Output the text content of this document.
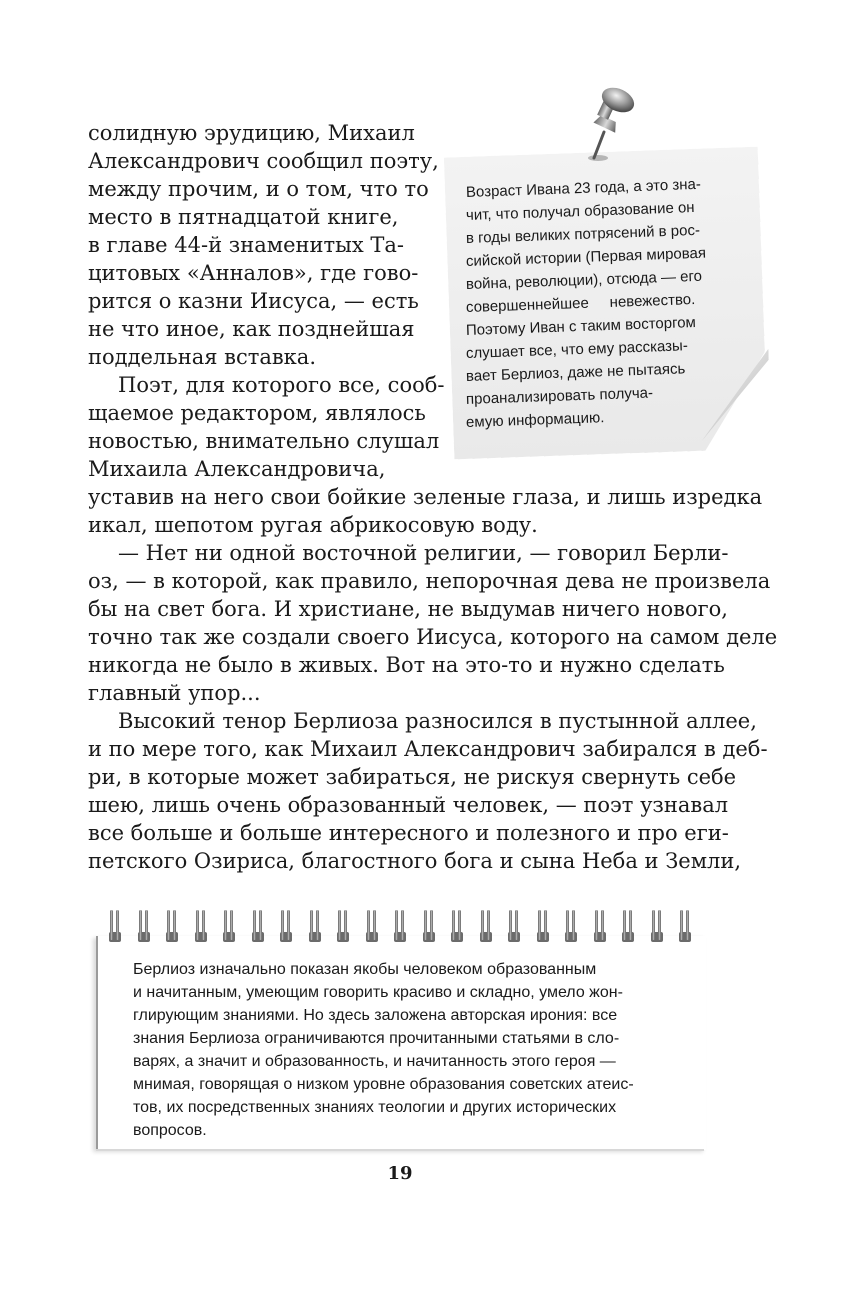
солидную эрудицию, Михаил
Александрович сообщил поэту,
между прочим, и о том, что то
место в пятнадцатой книге,
в главе 44-й знаменитых Та-
цитовых «Анналов», где гово-
рится о казни Иисуса, — есть
не что иное, как позднейшая
поддельная вставка.
Поэт, для которого все, сооб-
щаемое редактором, являлось
новостью, внимательно слушал
Михаила Александровича,
уставив на него свои бойкие зеленые глаза, и лишь изредка
икал, шепотом ругая абрикосовую воду.
— Нет ни одной восточной религии, — говорил Берли-
оз, — в которой, как правило, непорочная дева не произвела
бы на свет бога. И христиане, не выдумав ничего нового,
точно так же создали своего Иисуса, которого на самом деле
никогда не было в живых. Вот на это-то и нужно сделать
главный упор...
Высокий тенор Берлиоза разносился в пустынной аллее,
и по мере того, как Михаил Александрович забирался в деб-
ри, в которые может забираться, не рискуя свернуть себе
шею, лишь очень образованный человек, — поэт узнавал
все больше и больше интересного и полезного и про еги-
петского Озириса, благостного бога и сына Неба и Земли,
Возраст Ивана 23 года, а это зна-
чит, что получал образование он
в годы великих потрясений в рос-
сийской истории (Первая мировая
война, революции), отсюда — его
совершеннейшее     невежество.
Поэтому Иван с таким восторгом
слушает все, что ему рассказы-
вает Берлиоз, даже не пытаясь
проанализировать получа-
емую информацию.
Берлиоз изначально показан якобы человеком образованным
и начитанным, умеющим говорить красиво и складно, умело жон-
глирующим знаниями. Но здесь заложена авторская ирония: все
знания Берлиоза ограничиваются прочитанными статьями в сло-
варях, а значит и образованность, и начитанность этого героя —
мнимая, говорящая о низком уровне образования советских атеис-
тов, их посредственных знаниях теологии и других исторических
вопросов.
19
